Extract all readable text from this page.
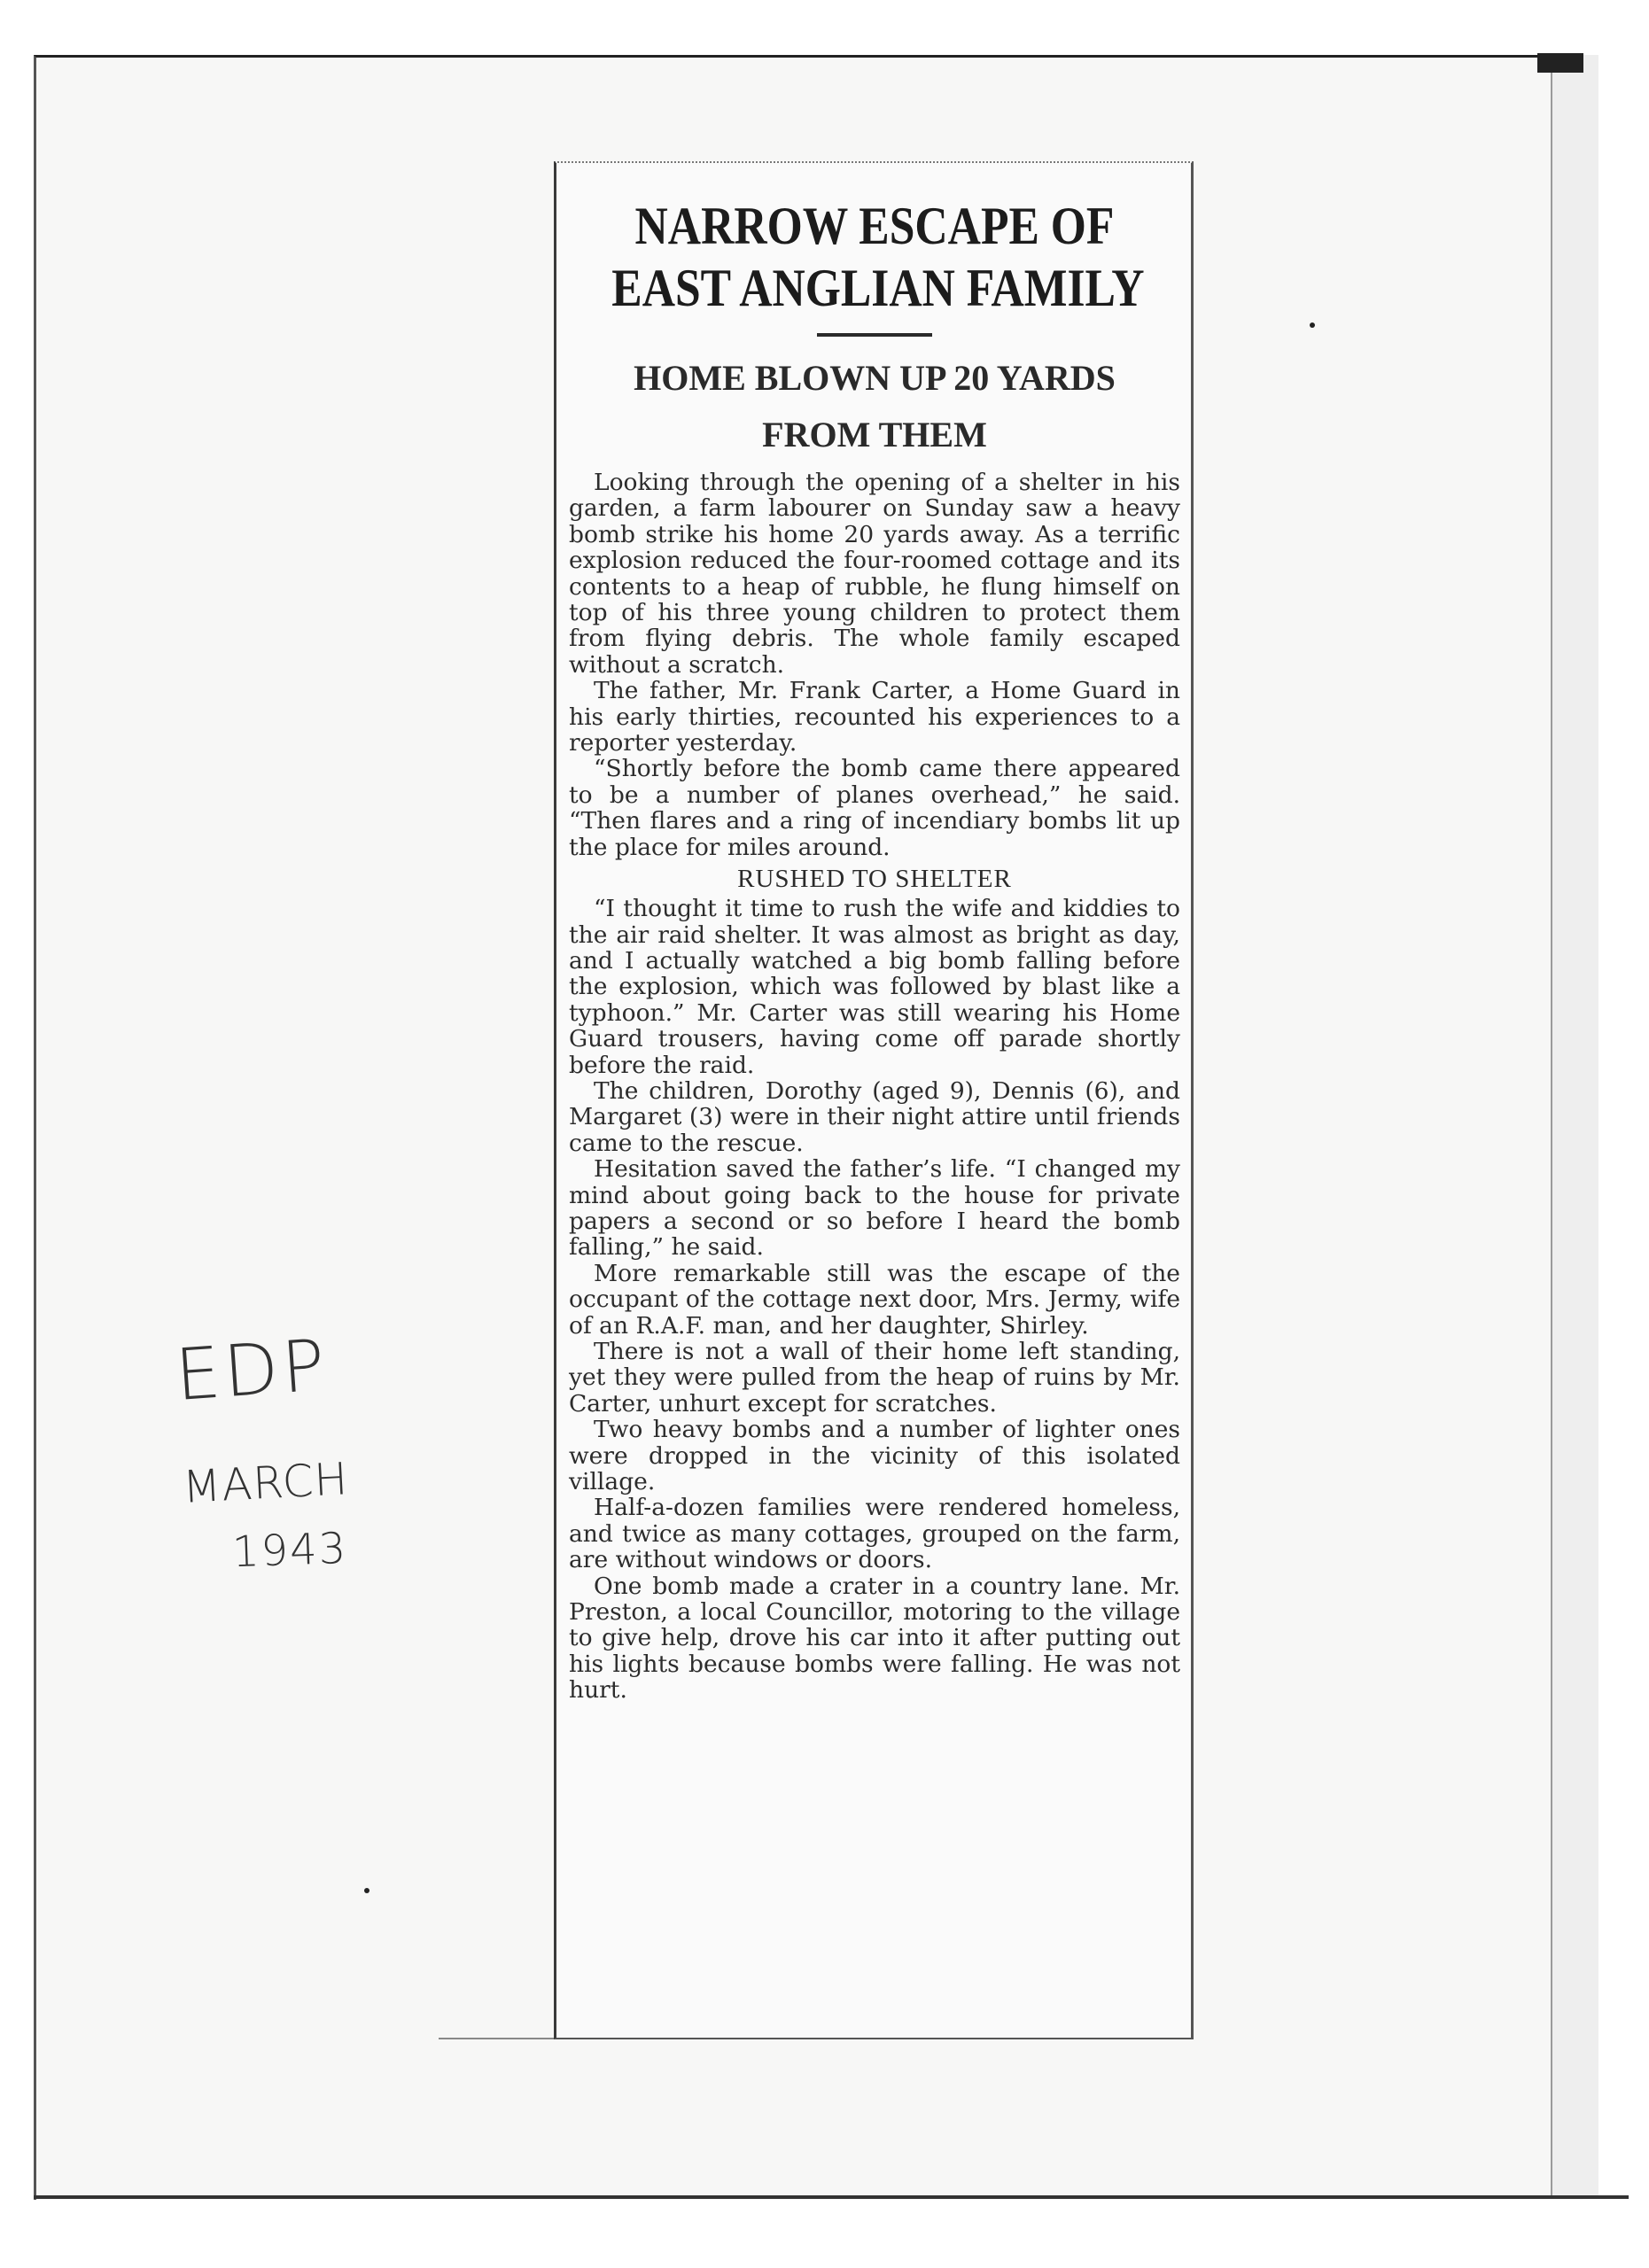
NARROW ESCAPE OF
EAST ANGLIAN FAMILY
HOME BLOWN UP 20 YARDS
FROM THEM

Looking through the opening of a shelter in his garden, a farm labourer on Sunday saw a heavy bomb strike his home 20 yards away. As a terrific explosion reduced the four-roomed cottage and its contents to a heap of rubble, he flung himself on top of his three young children to protect them from flying debris. The whole family escaped without a scratch.

The father, Mr. Frank Carter, a Home Guard in his early thirties, recounted his experiences to a reporter yesterday.

“Shortly before the bomb came there appeared to be a number of planes overhead,” he said. “Then flares and a ring of incendiary bombs lit up the place for miles around.

RUSHED TO SHELTER

“I thought it time to rush the wife and kiddies to the air raid shelter. It was almost as bright as day, and I actually watched a big bomb falling before the explosion, which was followed by blast like a typhoon.” Mr. Carter was still wearing his Home Guard trousers, having come off parade shortly before the raid.

The children, Dorothy (aged 9), Dennis (6), and Margaret (3) were in their night attire until friends came to the rescue.

Hesitation saved the father’s life. “I changed my mind about going back to the house for private papers a second or so before I heard the bomb falling,” he said.

More remarkable still was the escape of the occupant of the cottage next door, Mrs. Jermy, wife of an R.A.F. man, and her daughter, Shirley.

There is not a wall of their home left standing, yet they were pulled from the heap of ruins by Mr. Carter, unhurt except for scratches.

Two heavy bombs and a number of lighter ones were dropped in the vicinity of this isolated village.

Half-a-dozen families were rendered homeless, and twice as many cottages, grouped on the farm, are without windows or doors.

One bomb made a crater in a country lane. Mr. Preston, a local Councillor, motoring to the village to give help, drove his car into it after putting out his lights because bombs were falling. He was not hurt.

EDP
MARCH
1943
